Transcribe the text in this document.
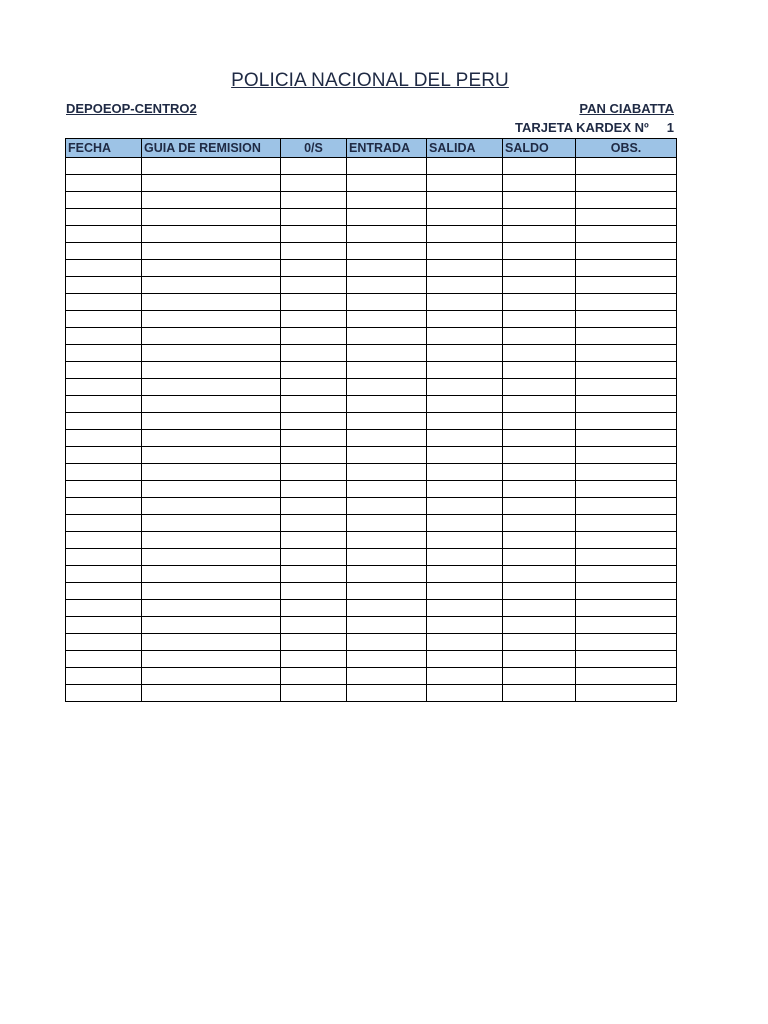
POLICIA NACIONAL DEL PERU
DEPOEOP-CENTRO2	PAN CIABATTA
TARJETA KARDEX Nº 1
FECHA	GUIA DE REMISION	0/S	ENTRADA	SALIDA	SALDO	OBS.
